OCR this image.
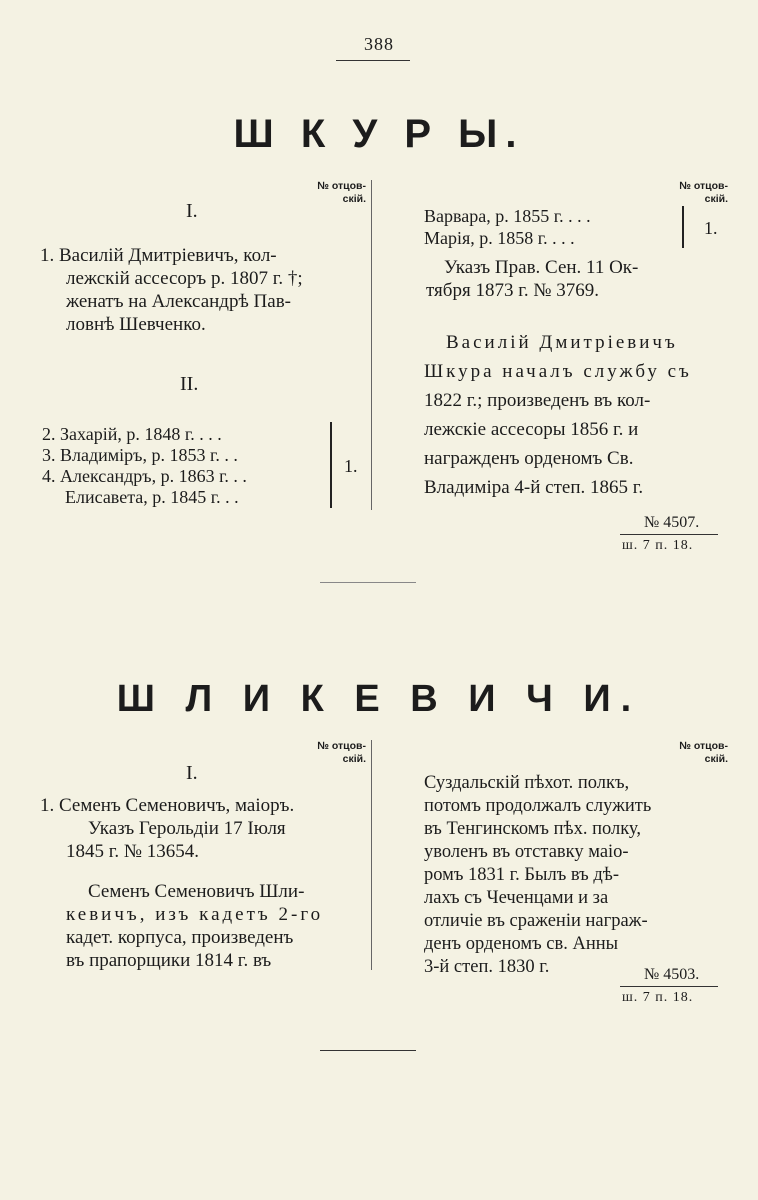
388
Ш К У Р Ы.
№ отцов-
скій.
№ отцов-
скій.
I.
1. Василій Дмитріевичъ, кол-
лежскій ассесоръ р. 1807 г. †;
женатъ на Александрѣ Пав-
ловнѣ Шевченко.
II.
2. Захарій, р. 1848 г. . . .
3. Владиміръ, р. 1853 г. . .
4. Александръ, р. 1863 г. . .
Елисавета, р. 1845 г. . .
1.
Варвара, р. 1855 г. . . .
Марія, р. 1858 г. . . .	1.
Указъ Прав. Сен. 11 Ок-
тября 1873 г. № 3769.
Василій Дмитріевичъ
Шкура началъ службу съ
1822 г.; произведенъ въ кол-
лежскіе ассесоры 1856 г. и
награжденъ орденомъ Св.
Владиміра 4-й степ. 1865 г.
№ 4507.
ш. 7 п. 18.
Ш Л И К Е В И Ч И.
№ отцов-
скій.
№ отцов-
скій.
I.
1. Семенъ Семеновичъ, маіоръ.
Указъ Герольдіи 17 Іюля
1845 г. № 13654.
Семенъ Семеновичъ Шли-
кевичъ, изъ кадетъ 2-го
кадет. корпуса, произведенъ
въ прапорщики 1814 г. въ
Суздальскій пѣхот. полкъ,
потомъ продолжалъ служить
въ Тенгинскомъ пѣх. полку,
уволенъ въ отставку маіо-
ромъ 1831 г. Былъ въ дѣ-
лахъ съ Чеченцами и за
отличіе въ сраженіи награж-
денъ орденомъ св. Анны
3-й степ. 1830 г.	№ 4503.
ш. 7 п. 18.
